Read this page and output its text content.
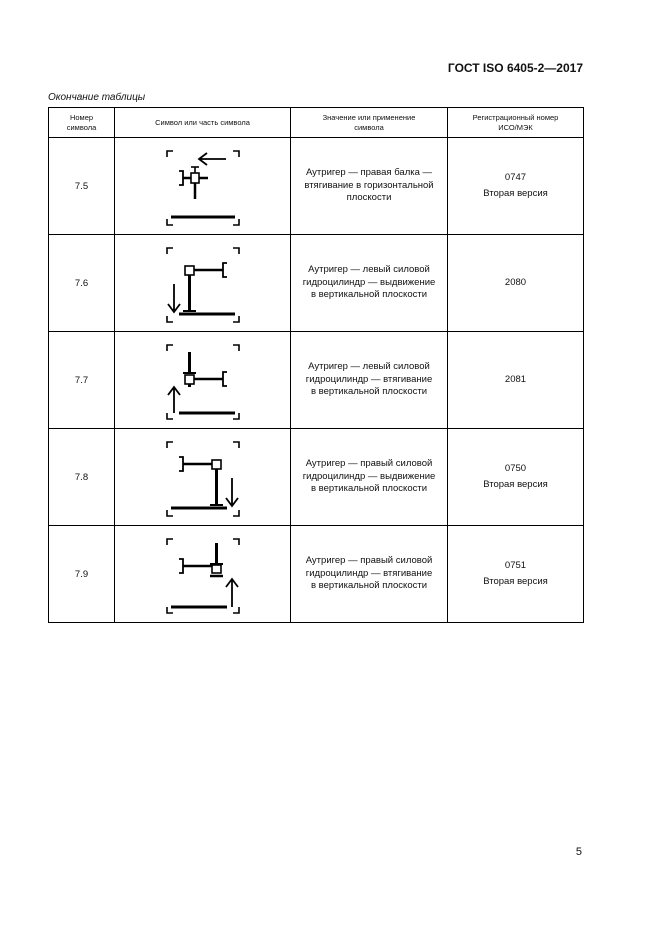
ГОСТ ISO 6405-2—2017
Окончание таблицы
Номер
символа	Символ или часть символа	Значение или применение
символа	Регистрационный номер
ИСО/МЭК

7.5		Аутригер — правая балка —
втягивание в горизонтальной
плоскости	0747
Вторая версия

7.6		Аутригер — левый силовой
гидроцилиндр — выдвижение
в вертикальной плоскости	2080

7.7		Аутригер — левый силовой
гидроцилиндр — втягивание
в вертикальной плоскости	2081

7.8		Аутригер — правый силовой
гидроцилиндр — выдвижение
в вертикальной плоскости	0750
Вторая версия

7.9		Аутригер — правый силовой
гидроцилиндр — втягивание
в вертикальной плоскости	0751
Вторая версия
5
